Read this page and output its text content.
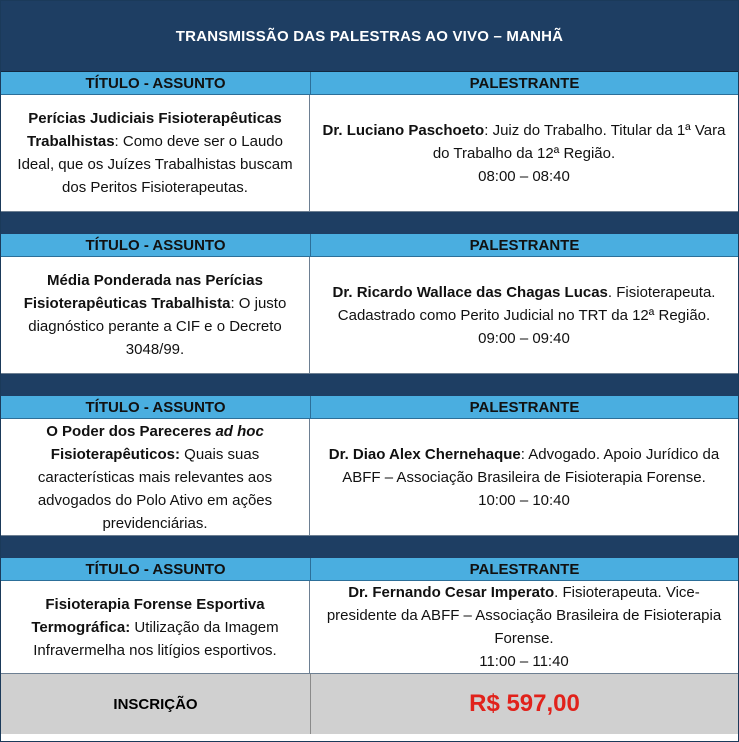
TRANSMISSÃO DAS PALESTRAS AO VIVO – MANHÃ
TÍTULO - ASSUNTO	PALESTRANTE
Perícias Judiciais Fisioterapêuticas Trabalhistas: Como deve ser o Laudo Ideal, que os Juízes Trabalhistas buscam dos Peritos Fisioterapeutas.
Dr. Luciano Paschoeto: Juiz do Trabalho. Titular da 1ª Vara do Trabalho da 12ª Região.
08:00 – 08:40
TÍTULO - ASSUNTO	PALESTRANTE
Média Ponderada nas Perícias Fisioterapêuticas Trabalhista: O justo diagnóstico perante a CIF e o Decreto 3048/99.
Dr. Ricardo Wallace das Chagas Lucas. Fisioterapeuta.
Cadastrado como Perito Judicial no TRT da 12ª Região.
09:00 – 09:40
TÍTULO - ASSUNTO	PALESTRANTE
O Poder dos Pareceres ad hoc Fisioterapêuticos: Quais suas características mais relevantes aos advogados do Polo Ativo em ações previdenciárias.
Dr. Diao Alex Chernehaque: Advogado. Apoio Jurídico da ABFF – Associação Brasileira de Fisioterapia Forense.
10:00 – 10:40
TÍTULO - ASSUNTO	PALESTRANTE
Fisioterapia Forense Esportiva Termográfica: Utilização da Imagem Infravermelha nos litígios esportivos.
Dr. Fernando Cesar Imperato. Fisioterapeuta. Vice-presidente da ABFF – Associação Brasileira de Fisioterapia Forense.
11:00 – 11:40
INSCRIÇÃO	R$ 597,00
